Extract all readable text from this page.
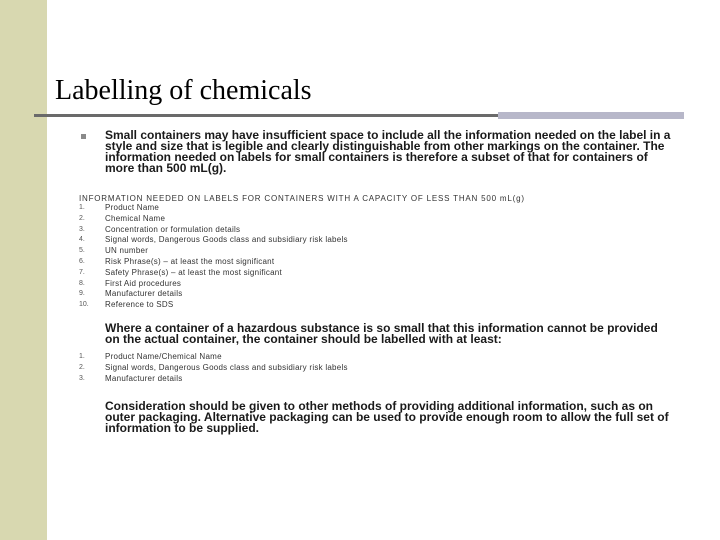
Labelling of chemicals

Small containers may have insufficient space to include all the information needed on the label in a style and size that is legible and clearly distinguishable from other markings on the container. The information needed on labels for small containers is therefore a subset of that for containers of more than 500 mL(g).

INFORMATION NEEDED ON LABELS FOR CONTAINERS WITH A CAPACITY OF LESS THAN 500 mL(g)

1.	Product Name
2.	Chemical Name
3.	Concentration or formulation details
4.	Signal words, Dangerous Goods class and subsidiary risk labels
5.	UN number
6.	Risk Phrase(s) – at least the most significant
7.	Safety Phrase(s) – at least the most significant
8.	First Aid procedures
9.	Manufacturer details
10. Reference to SDS

Where a container of a hazardous substance is so small that this information cannot be provided on the actual container, the container should be labelled with at least:

1.	Product Name/Chemical Name
2.	Signal words, Dangerous Goods class and subsidiary risk labels
3.	Manufacturer details

Consideration should be given to other methods of providing additional information, such as on outer packaging. Alternative packaging can be used to provide enough room to allow the full set of information to be supplied.
